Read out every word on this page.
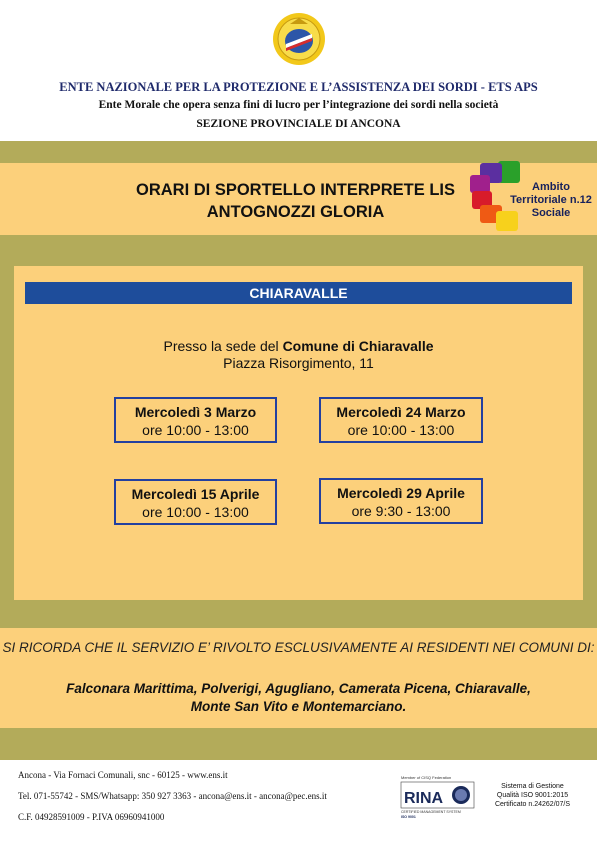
ENTE NAZIONALE PER LA PROTEZIONE E L’ASSISTENZA DEI SORDI - ETS APS
Ente Morale che opera senza fini di lucro per l’integrazione dei sordi nella società
SEZIONE PROVINCIALE DI ANCONA
ORARI DI SPORTELLO INTERPRETE LIS
ANTOGNOZZI GLORIA
Ambito
Territoriale n.12
Sociale
CHIARAVALLE
Presso la sede del Comune di Chiaravalle
Piazza Risorgimento, 11
Mercoledì 3 Marzo
ore 10:00 - 13:00
Mercoledì 24 Marzo
ore 10:00 - 13:00
Mercoledì 15 Aprile
ore 10:00 - 13:00
Mercoledì 29 Aprile
ore 9:30 - 13:00
SI RICORDA CHE IL SERVIZIO E’ RIVOLTO ESCLUSIVAMENTE AI RESIDENTI NEI COMUNI DI:
Falconara Marittima, Polverigi, Agugliano, Camerata Picena, Chiaravalle,
Monte San Vito e Montemarciano.
Ancona - Via Fornaci Comunali, snc - 60125 - www.ens.it
Tel. 071-55742 - SMS/Whatsapp: 350 927 3363 - ancona@ens.it - ancona@pec.ens.it
C.F. 04928591009 - P.IVA 06960941000
Member of CISQ Federation
RINA
CERTIFIED MANAGEMENT SYSTEM
ISO 9001
Sistema di Gestione
Qualità ISO 9001:2015
Certificato n.24262/07/S
